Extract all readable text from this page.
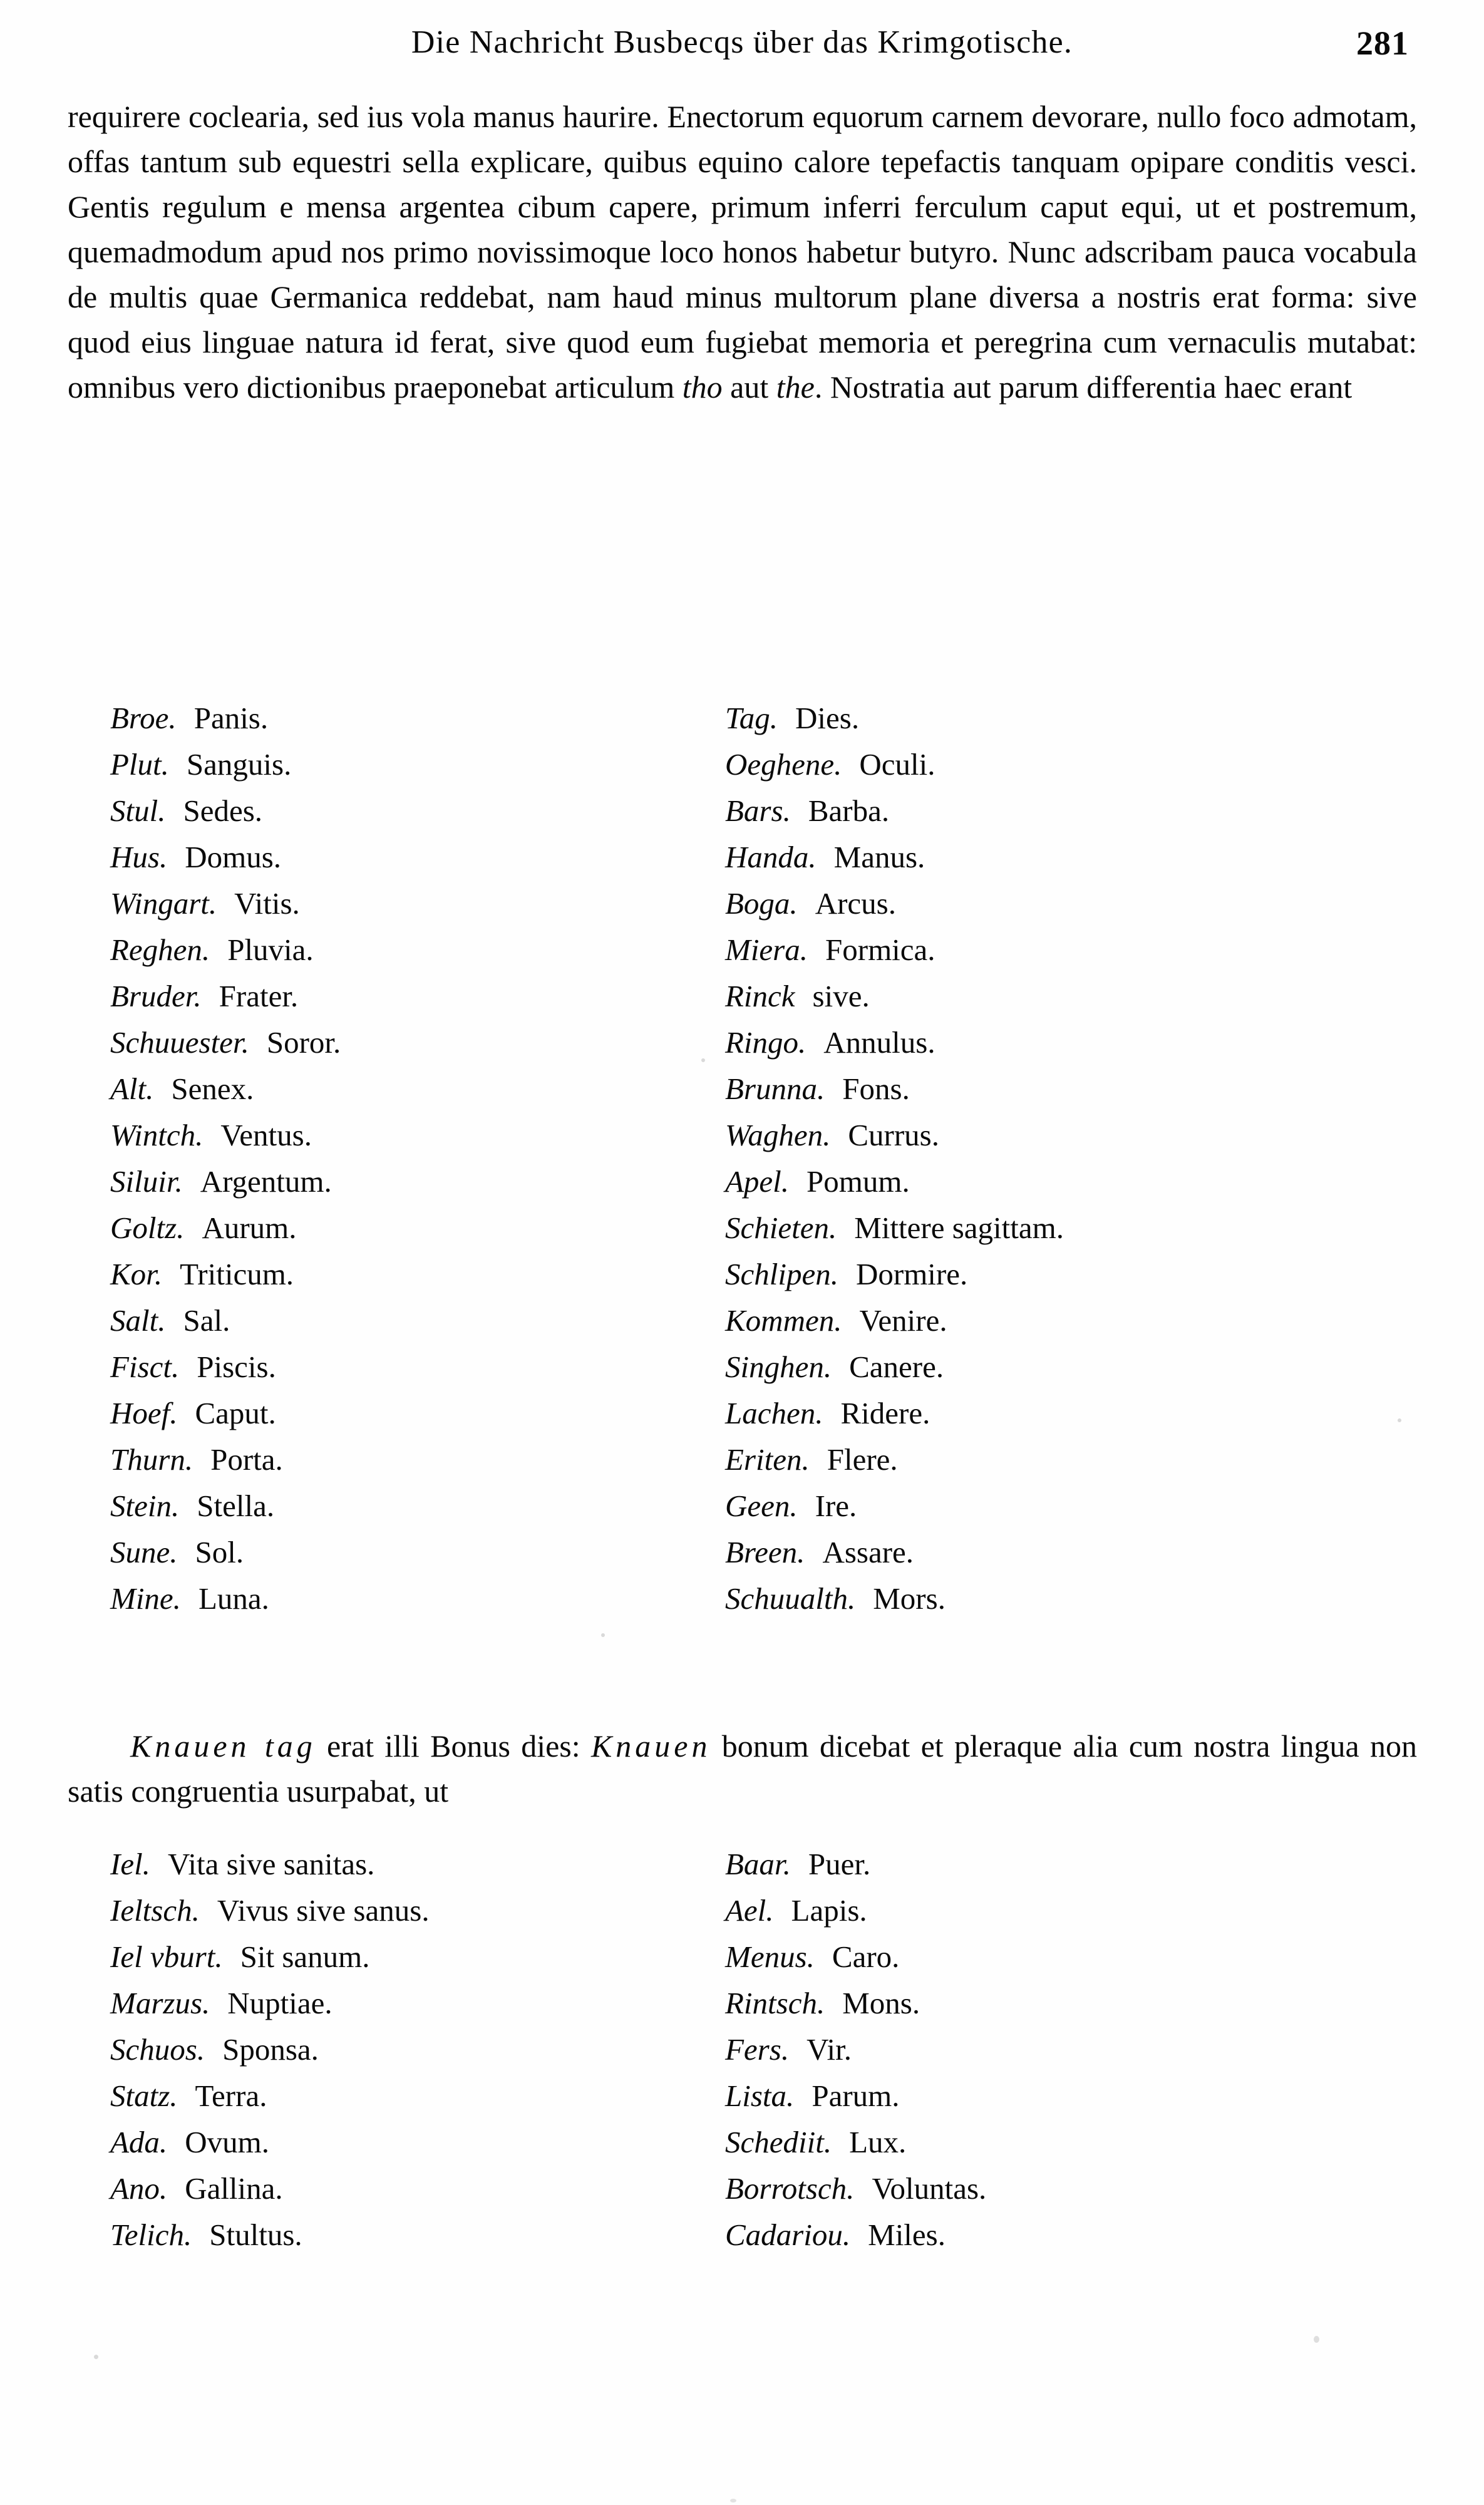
Die Nachricht Busbecqs über das Krimgotische.	281

requirere coclearia, sed ius vola manus haurire. Enectorum equorum carnem devorare, nullo foco admotam, offas tantum sub equestri sella explicare, quibus equino calore tepefactis tanquam opipare conditis vesci. Gentis regulum e mensa argentea cibum capere, primum inferri ferculum caput equi, ut et postremum, quemadmodum apud nos primo novissimoque loco honos habetur butyro. Nunc adscribam pauca vocabula de multis quae Germanica reddebat, nam haud minus multorum plane diversa a nostris erat forma: sive quod eius linguae natura id ferat, sive quod eum fugiebat memoria et peregrina cum vernaculis mutabat: omnibus vero dictionibus praeponebat articulum tho aut the. Nostratia aut parum differentia haec erant

Broe. Panis.	Tag. Dies.
Plut. Sanguis.	Oeghene. Oculi.
Stul. Sedes.	Bars. Barba.
Hus. Domus.	Handa. Manus.
Wingart. Vitis.	Boga. Arcus.
Reghen. Pluvia.	Miera. Formica.
Bruder. Frater.	Rinck sive.
Schuuester. Soror.	Ringo. Annulus.
Alt. Senex.	Brunna. Fons.
Wintch. Ventus.	Waghen. Currus.
Siluir. Argentum.	Apel. Pomum.
Goltz. Aurum.	Schieten. Mittere sagittam.
Kor. Triticum.	Schlipen. Dormire.
Salt. Sal.	Kommen. Venire.
Fisct. Piscis.	Singhen. Canere.
Hoef. Caput.	Lachen. Ridere.
Thurn. Porta.	Eriten. Flere.
Stein. Stella.	Geen. Ire.
Sune. Sol.	Breen. Assare.
Mine. Luna.	Schuualth. Mors.

Knauen tag erat illi Bonus dies: Knauen bonum dicebat et pleraque alia cum nostra lingua non satis congruentia usurpabat, ut

Iel. Vita sive sanitas.	Baar. Puer.
Ieltsch. Vivus sive sanus.	Ael. Lapis.
Iel vburt. Sit sanum.	Menus. Caro.
Marzus. Nuptiae.	Rintsch. Mons.
Schuos. Sponsa.	Fers. Vir.
Statz. Terra.	Lista. Parum.
Ada. Ovum.	Schediit. Lux.
Ano. Gallina.	Borrotsch. Voluntas.
Telich. Stultus.	Cadariou. Miles.
